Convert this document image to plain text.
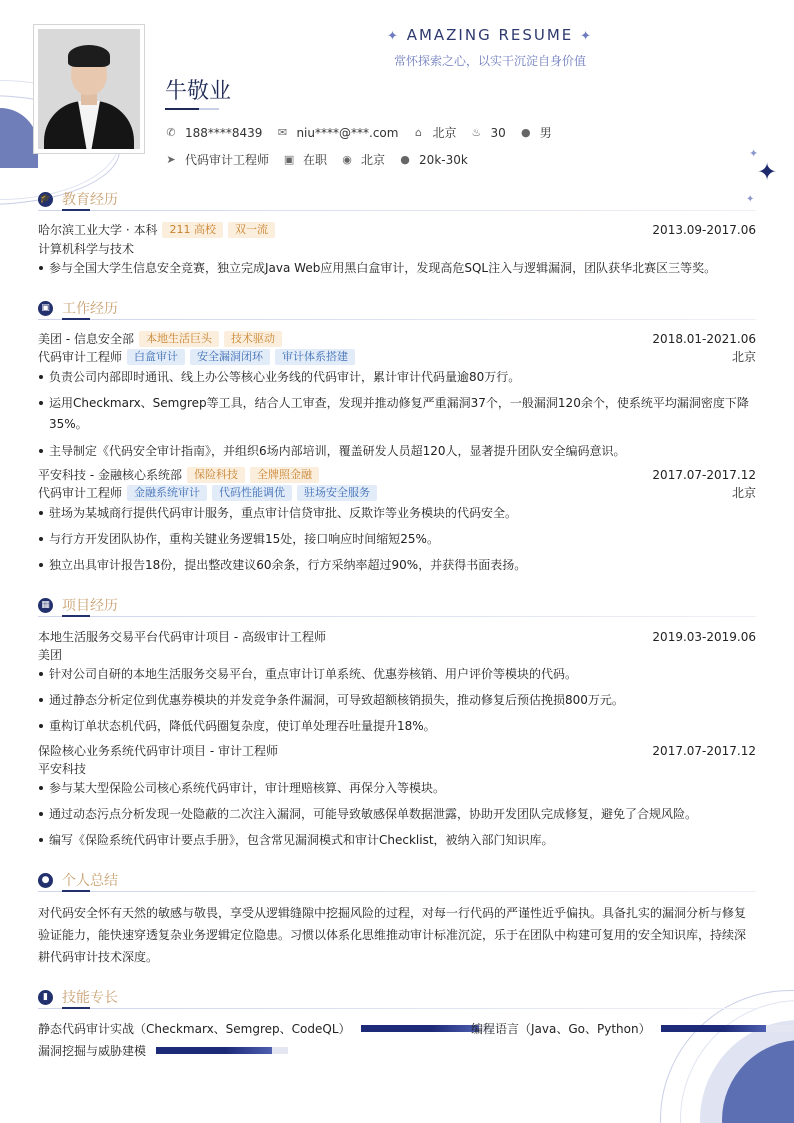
✦ AMAZING RESUME ✦
常怀探索之心，以实干沉淀自身价值
牛敬业
✆ 188****8439 ✉ niu****@***.com ⌂ 北京 ♨ 30 ● 男
➤ 代码审计工程师 ▣ 在职 ◉ 北京 ● 20k-30k	✦
✦
✦
🎓 教育经历
哈尔滨工业大学 · 本科	211 高校	双一流	2013.09-2017.06
计算机科学与技术
参与全国大学生信息安全竞赛，独立完成Java Web应用黑白盒审计，发现高危SQL注入与逻辑漏洞，团队获华北赛区三等奖。
▣ 工作经历
美团 - 信息安全部	本地生活巨头	技术驱动	2018.01-2021.06
代码审计工程师	白盒审计	安全漏洞闭环	审计体系搭建	北京
负责公司内部即时通讯、线上办公等核心业务线的代码审计，累计审计代码量逾80万行。
运用Checkmarx、Semgrep等工具，结合人工审查，发现并推动修复严重漏洞37个，一般漏洞120余个，使系统平均漏洞密度下降
35%。
主导制定《代码安全审计指南》，并组织6场内部培训，覆盖研发人员超120人，显著提升团队安全编码意识。
平安科技 - 金融核心系统部	保险科技	全牌照金融	2017.07-2017.12
代码审计工程师	金融系统审计	代码性能调优	驻场安全服务	北京
驻场为某城商行提供代码审计服务，重点审计信贷审批、反欺诈等业务模块的代码安全。
与行方开发团队协作，重构关键业务逻辑15处，接口响应时间缩短25%。
独立出具审计报告18份，提出整改建议60余条，行方采纳率超过90%，并获得书面表扬。
▦ 项目经历
本地生活服务交易平台代码审计项目 - 高级审计工程师	2019.03-2019.06
美团
针对公司自研的本地生活服务交易平台，重点审计订单系统、优惠券核销、用户评价等模块的代码。
通过静态分析定位到优惠券模块的并发竞争条件漏洞，可导致超额核销损失，推动修复后预估挽损800万元。
重构订单状态机代码，降低代码圈复杂度，使订单处理吞吐量提升18%。
保险核心业务系统代码审计项目 - 审计工程师	2017.07-2017.12
平安科技
参与某大型保险公司核心系统代码审计，审计理赔核算、再保分入等模块。
通过动态污点分析发现一处隐蔽的二次注入漏洞，可能导致敏感保单数据泄露，协助开发团队完成修复，避免了合规风险。
编写《保险系统代码审计要点手册》，包含常见漏洞模式和审计Checklist，被纳入部门知识库。
● 个人总结
对代码安全怀有天然的敏感与敬畏，享受从逻辑缝隙中挖掘风险的过程，对每一行代码的严谨性近乎偏执。具备扎实的漏洞分析与修复
验证能力，能快速穿透复杂业务逻辑定位隐患。习惯以体系化思维推动审计标准沉淀，乐于在团队中构建可复用的安全知识库，持续深
耕代码审计技术深度。
▮	技能专长
静态代码审计实战（Checkmarx、Semgrep、CodeQL）	编程语言（Java、Go、Python）
漏洞挖掘与威胁建模
